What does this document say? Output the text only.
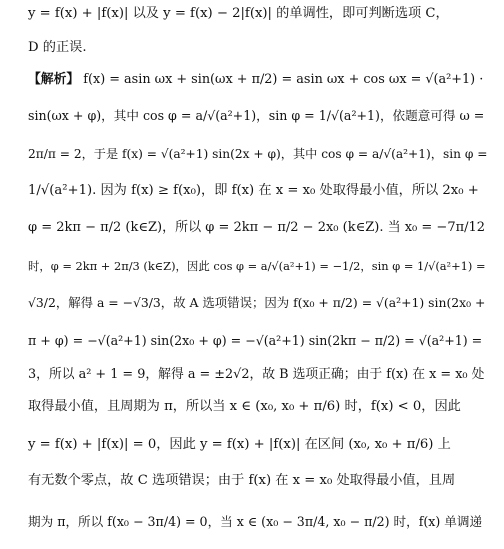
y = f(x) + |f(x)| 以及 y = f(x) − 2|f(x)| 的单调性，即可判断选项 C，
D 的正误.
【解析】 f(x) = asin ωx + sin(ωx + π/2) = asin ωx + cos ωx = √(a²+1) ·
sin(ωx + φ)，其中 cos φ = a/√(a²+1)，sin φ = 1/√(a²+1)，依题意可得 ω =
2π/π = 2，于是 f(x) = √(a²+1) sin(2x + φ)，其中 cos φ = a/√(a²+1)，sin φ =
1/√(a²+1). 因为 f(x) ≥ f(x₀)，即 f(x) 在 x = x₀ 处取得最小值，所以 2x₀ +
φ = 2kπ − π/2 (k∈Z)，所以 φ = 2kπ − π/2 − 2x₀ (k∈Z). 当 x₀ = −7π/12
时，φ = 2kπ + 2π/3 (k∈Z)，因此 cos φ = a/√(a²+1) = −1/2，sin φ = 1/√(a²+1) =
√3/2，解得 a = −√3/3，故 A 选项错误；因为 f(x₀ + π/2) = √(a²+1) sin(2x₀ +
π + φ) = −√(a²+1) sin(2x₀ + φ) = −√(a²+1) sin(2kπ − π/2) = √(a²+1) =
3，所以 a² + 1 = 9，解得 a = ±2√2，故 B 选项正确；由于 f(x) 在 x = x₀ 处
取得最小值，且周期为 π，所以当 x ∈ (x₀, x₀ + π/6) 时，f(x) < 0，因此
y = f(x) + |f(x)| = 0，因此 y = f(x) + |f(x)| 在区间 (x₀, x₀ + π/6) 上
有无数个零点，故 C 选项错误；由于 f(x) 在 x = x₀ 处取得最小值，且周
期为 π，所以 f(x₀ − 3π/4) = 0，当 x ∈ (x₀ − 3π/4, x₀ − π/2) 时，f(x) 单调递
